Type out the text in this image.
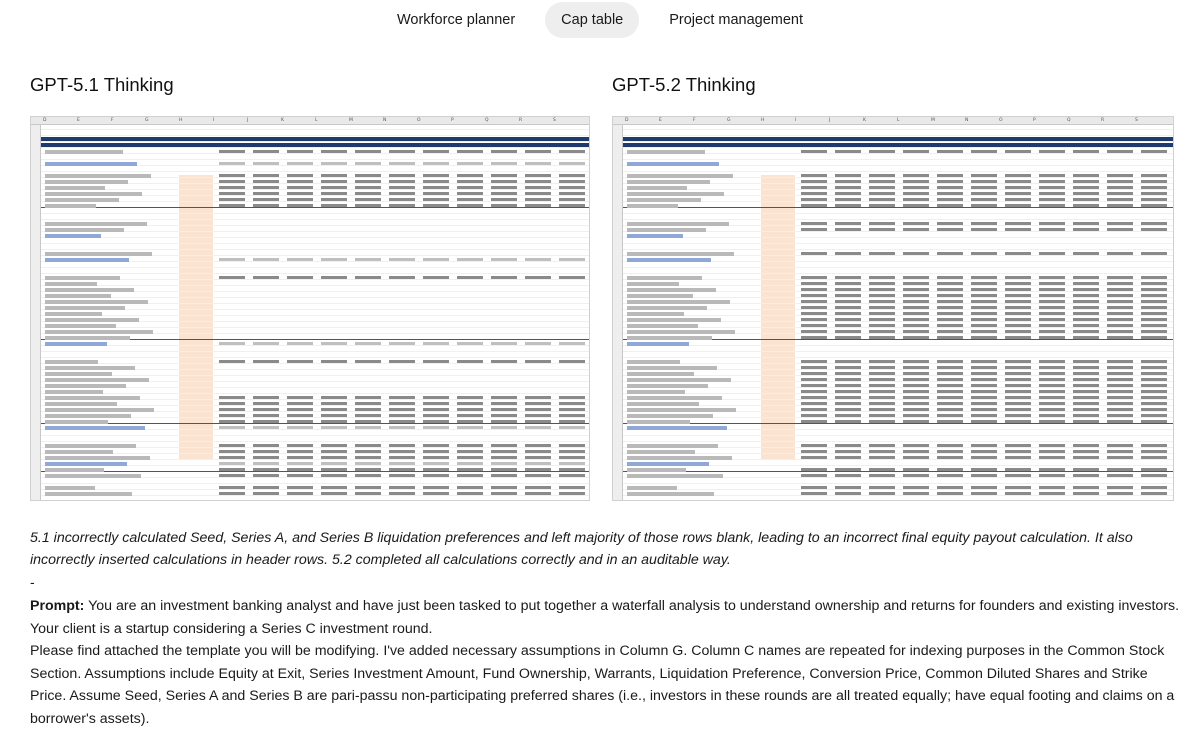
Workforce planner	Cap table	Project management
GPT-5.1 Thinking	GPT-5.2 Thinking
D	E	F	G	H	I	J	K	L	M	N	O	P	Q	R	S	D	E	F	G	H	I	J	K	L	M	N	O	P	Q	R	S
5.1 incorrectly calculated Seed, Series A, and Series B liquidation preferences and left majority of those rows blank, leading to an incorrect final equity payout calculation. It also incorrectly inserted calculations in header rows. 5.2 completed all calculations correctly and in an auditable way.
-
Prompt: You are an investment banking analyst and have just been tasked to put together a waterfall analysis to understand ownership and returns for founders and existing investors. Your client is a startup considering a Series C investment round.
Please find attached the template you will be modifying. I've added necessary assumptions in Column G. Column C names are repeated for indexing purposes in the Common Stock Section. Assumptions include Equity at Exit, Series Investment Amount, Fund Ownership, Warrants, Liquidation Preference, Conversion Price, Common Diluted Shares and Strike Price. Assume Seed, Series A and Series B are pari-passu non-participating preferred shares (i.e., investors in these rounds are all treated equally; have equal footing and claims on a borrower's assets).
